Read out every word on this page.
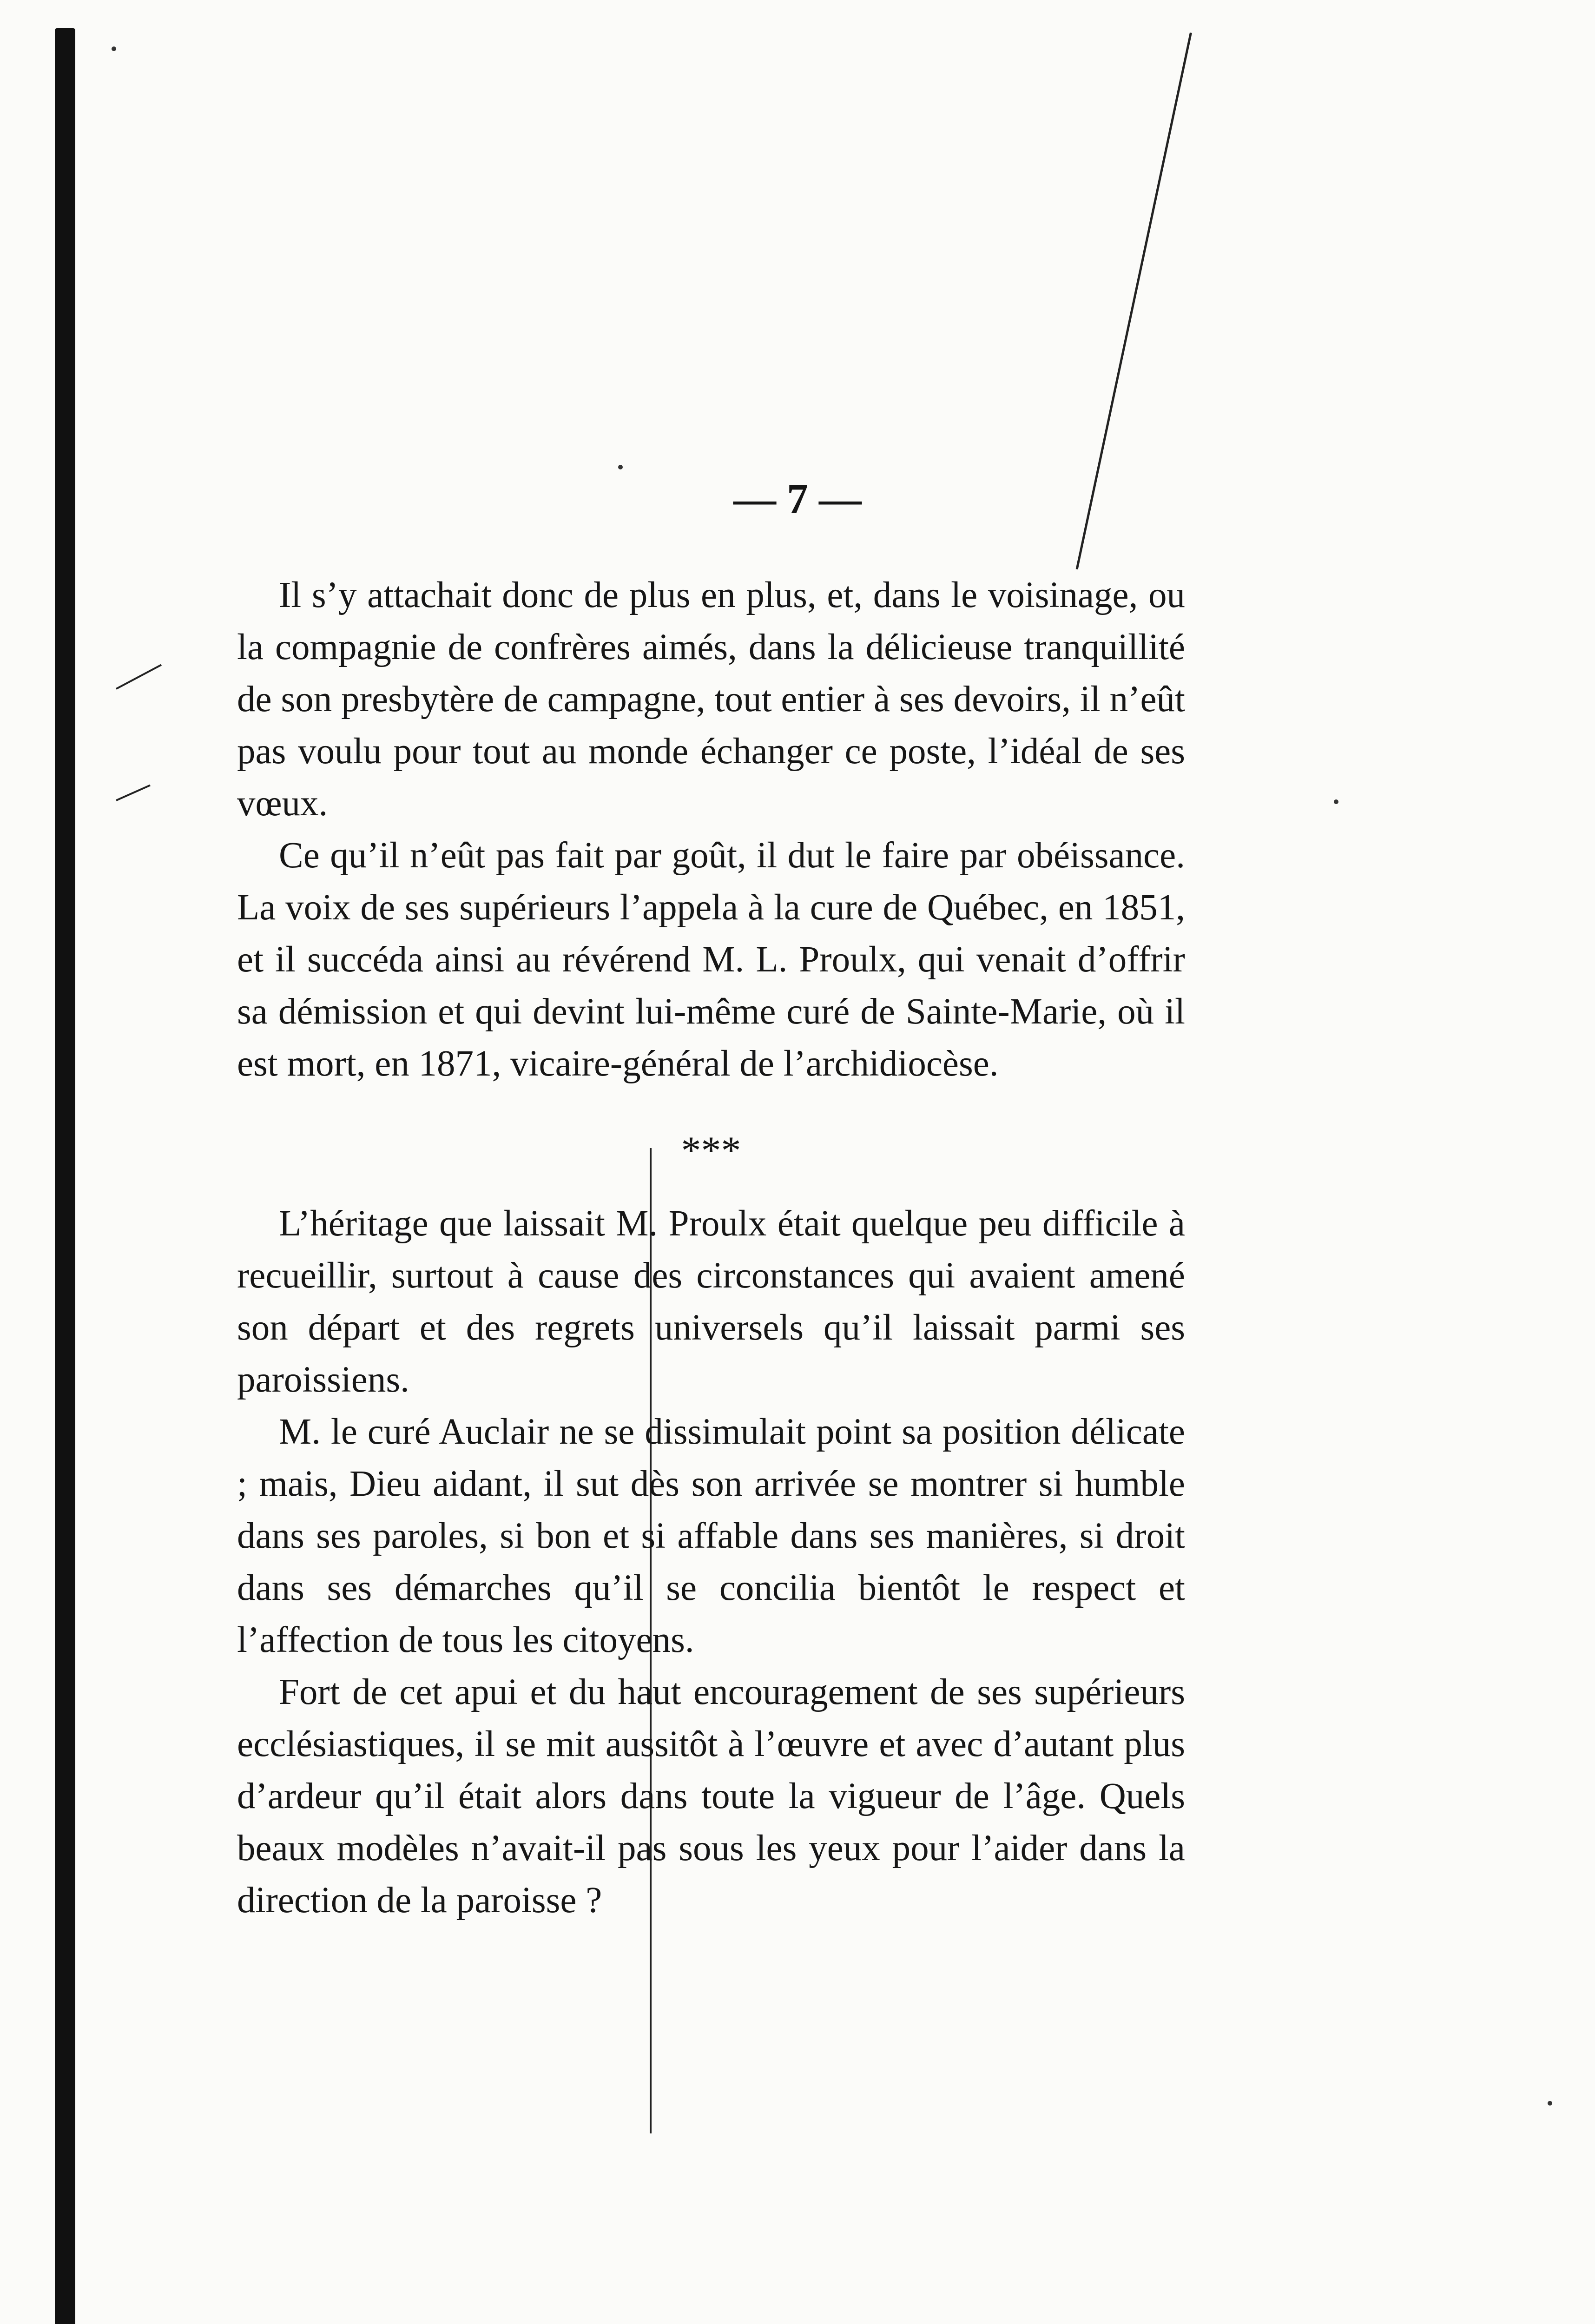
— 7 —

Il s’y attachait donc de plus en plus, et, dans le voisinage, ou la compagnie de confrères aimés, dans la délicieuse tranquillité de son presbytère de campagne, tout entier à ses devoirs, il n’eût pas voulu pour tout au monde échanger ce poste, l’idéal de ses vœux.

Ce qu’il n’eût pas fait par goût, il dut le faire par obéissance. La voix de ses supérieurs l’appela à la cure de Québec, en 1851, et il succéda ainsi au révérend M. L. Proulx, qui venait d’offrir sa démission et qui devint lui-même curé de Sainte-Marie, où il est mort, en 1871, vicaire-général de l’archidiocèse.

***

L’héritage que laissait M. Proulx était quelque peu difficile à recueillir, surtout à cause des circonstances qui avaient amené son départ et des regrets universels qu’il laissait parmi ses paroissiens.

M. le curé Auclair ne se dissimulait point sa position délicate ; mais, Dieu aidant, il sut dès son arrivée se montrer si humble dans ses paroles, si bon et si affable dans ses manières, si droit dans ses démarches qu’il se concilia bientôt le respect et l’affection de tous les citoyens.

Fort de cet apui et du haut encouragement de ses supérieurs ecclésiastiques, il se mit aussitôt à l’œuvre et avec d’autant plus d’ardeur qu’il était alors dans toute la vigueur de l’âge. Quels beaux modèles n’avait-il pas sous les yeux pour l’aider dans la direction de la paroisse ?
